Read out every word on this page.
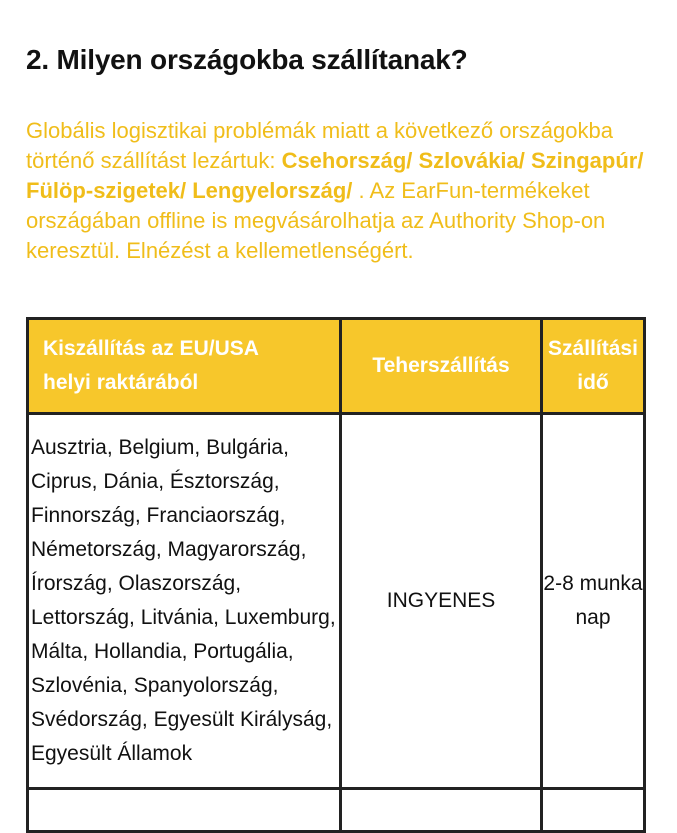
2. Milyen országokba szállítanak?

Globális logisztikai problémák miatt a következő országokba történő szállítást lezártuk: Csehország/ Szlovákia/ Szingapúr/ Fülöp-szigetek/ Lengyelország/ . Az EarFun-termékeket országában offline is megvásárolhatja az Authority Shop-on keresztül. Elnézést a kellemetlenségért.

Kiszállítás az EU/USA helyi raktárából	Teherszállítás	Szállítási idő
Ausztria, Belgium, Bulgária, Ciprus, Dánia, Észtország, Finnország, Franciaország, Németország, Magyarország, Írország, Olaszország, Lettország, Litvánia, Luxemburg, Málta, Hollandia, Portugália, Szlovénia, Spanyolország, Svédország, Egyesült Királyság, Egyesült Államok	INGYENES	2-8 munkanap
